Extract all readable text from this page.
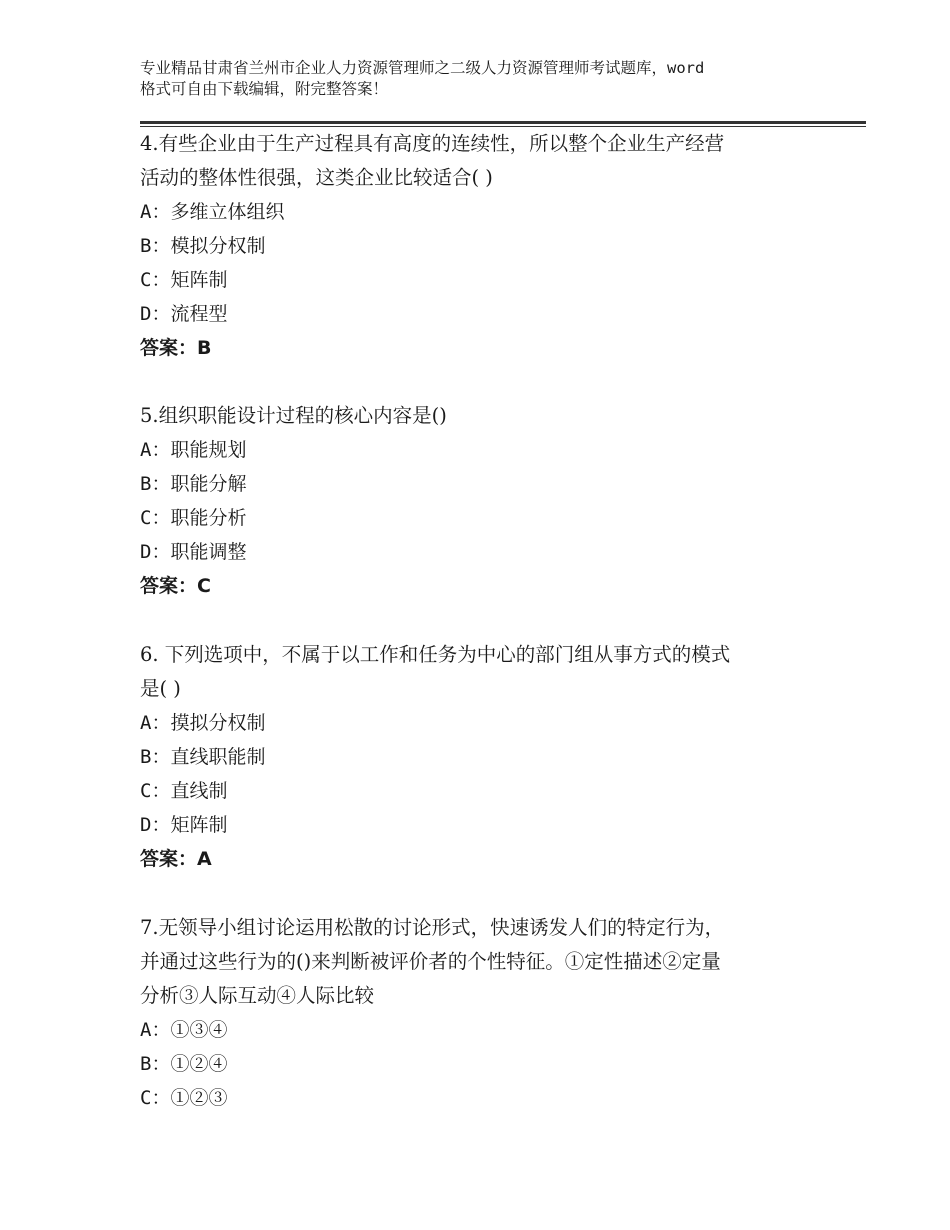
专业精品甘肃省兰州市企业人力资源管理师之二级人力资源管理师考试题库，word
格式可自由下载编辑，附完整答案！
4.有些企业由于生产过程具有高度的连续性，所以整个企业生产经营
活动的整体性很强，这类企业比较适合( )
A：多维立体组织
B：模拟分权制
C：矩阵制
D：流程型
答案：B
5.组织职能设计过程的核心内容是()
A：职能规划
B：职能分解
C：职能分析
D：职能调整
答案：C
6. 下列选项中，不属于以工作和任务为中心的部门组从事方式的模式
是( )
A：摸拟分权制
B：直线职能制
C：直线制
D：矩阵制
答案：A
7.无领导小组讨论运用松散的讨论形式，快速诱发人们的特定行为，
并通过这些行为的()来判断被评价者的个性特征。①定性描述②定量
分析③人际互动④人际比较
A：①③④
B：①②④
C：①②③
